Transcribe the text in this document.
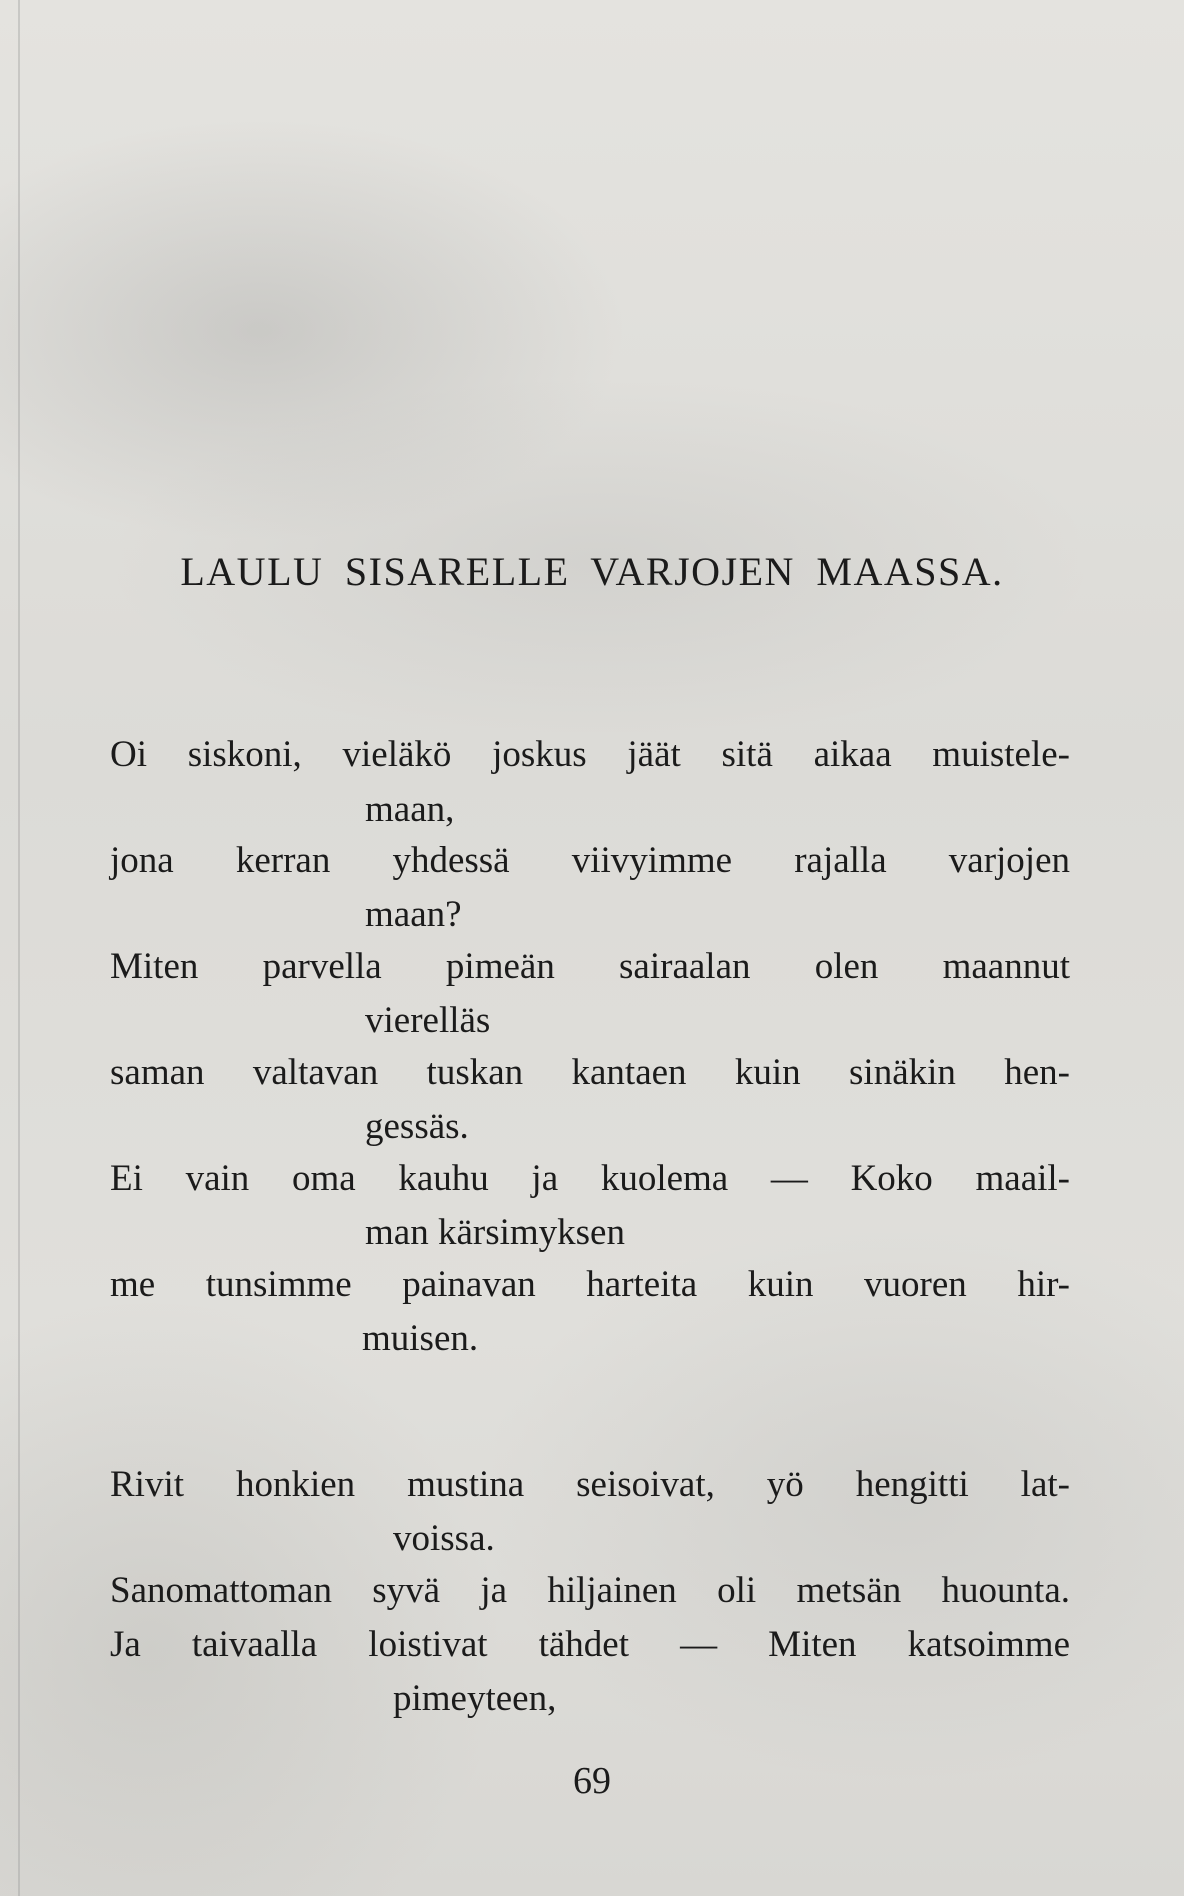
LAULU SISARELLE VARJOJEN MAASSA.
Oi siskoni, vieläkö joskus jäät sitä aikaa muistele-
maan,
jona kerran yhdessä viivyimme rajalla varjojen
maan?
Miten parvella pimeän sairaalan olen maannut
vierelläs
saman valtavan tuskan kantaen kuin sinäkin hen-
gessäs.
Ei vain oma kauhu ja kuolema — Koko maail-
man kärsimyksen
me tunsimme painavan harteita kuin vuoren hir-
muisen.
Rivit honkien mustina seisoivat, yö hengitti lat-
voissa.
Sanomattoman syvä ja hiljainen oli metsän huounta.
Ja taivaalla loistivat tähdet — Miten katsoimme
pimeyteen,
69
